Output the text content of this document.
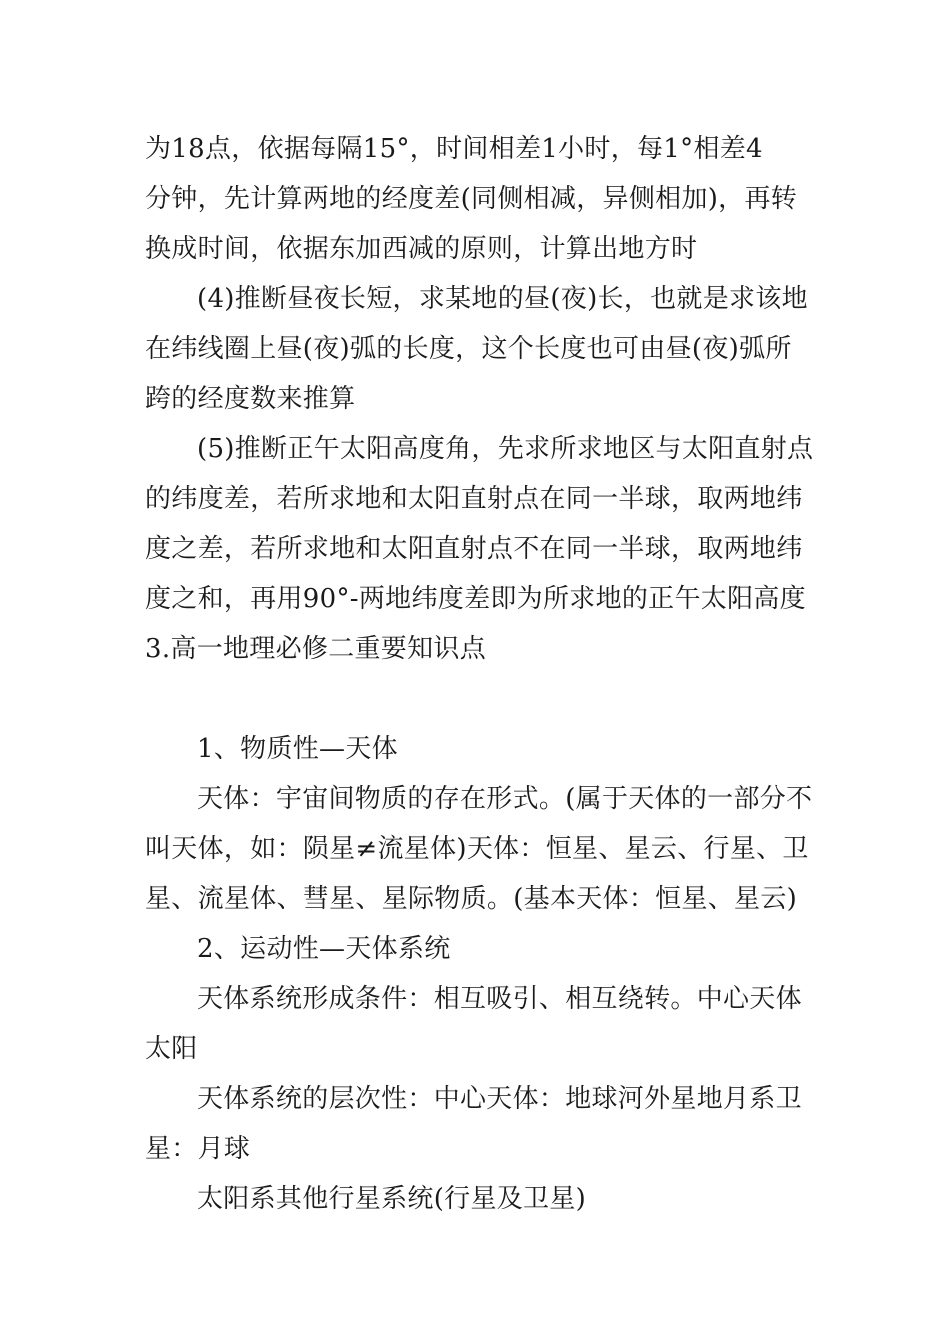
为18点，依据每隔15°，时间相差1小时，每1°相差4
分钟，先计算两地的经度差(同侧相减，异侧相加)，再转
换成时间，依据东加西减的原则，计算出地方时
(4)推断昼夜长短，求某地的昼(夜)长，也就是求该地
在纬线圈上昼(夜)弧的长度，这个长度也可由昼(夜)弧所
跨的经度数来推算
(5)推断正午太阳高度角，先求所求地区与太阳直射点
的纬度差，若所求地和太阳直射点在同一半球，取两地纬
度之差，若所求地和太阳直射点不在同一半球，取两地纬
度之和，再用90°-两地纬度差即为所求地的正午太阳高度
3.高一地理必修二重要知识点
1、物质性—天体
天体：宇宙间物质的存在形式。(属于天体的一部分不
叫天体，如：陨星≠流星体)天体：恒星、星云、行星、卫
星、流星体、彗星、星际物质。(基本天体：恒星、星云)
2、运动性—天体系统
天体系统形成条件：相互吸引、相互绕转。中心天体
太阳
天体系统的层次性：中心天体：地球河外星地月系卫
星：月球
太阳系其他行星系统(行星及卫星)
